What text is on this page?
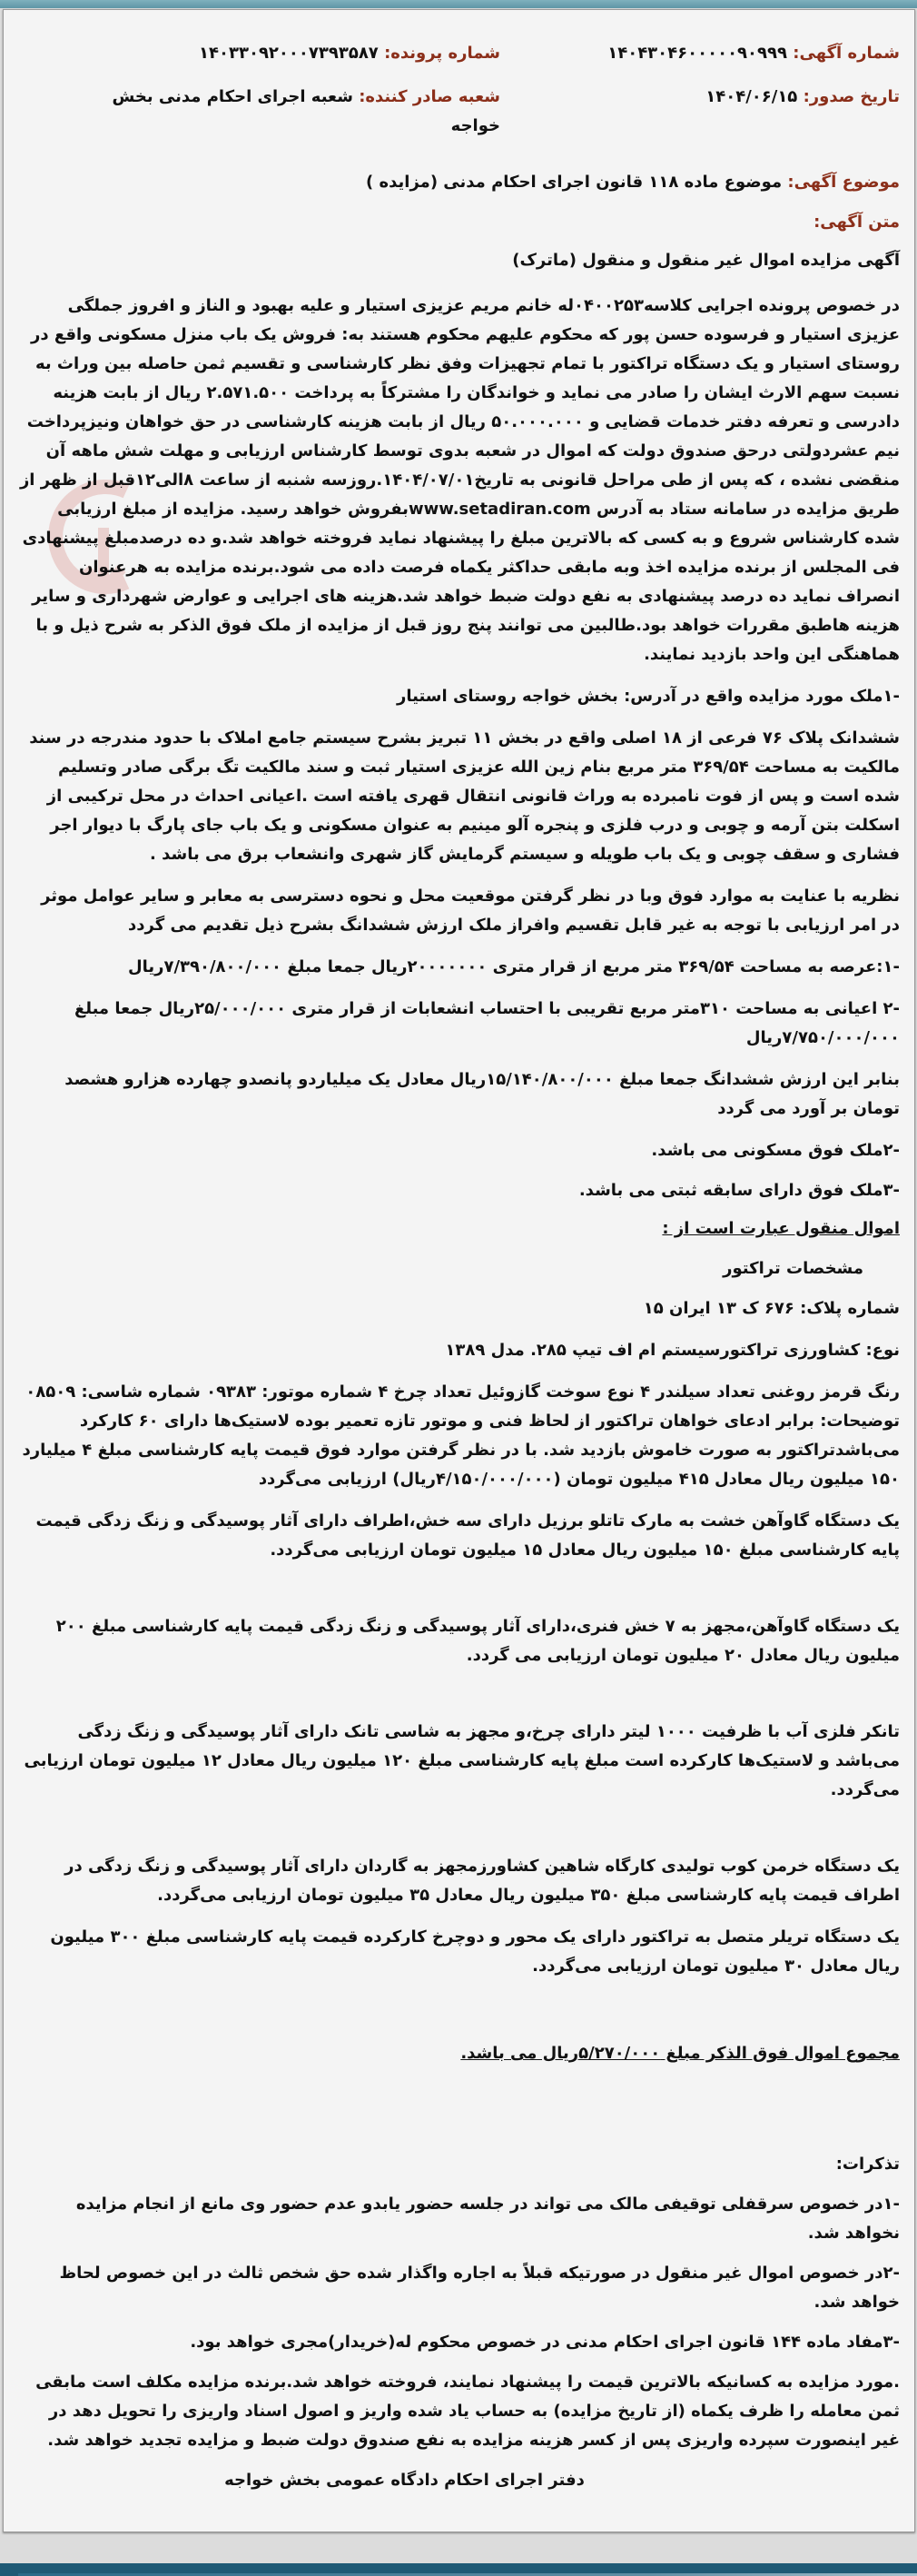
شماره آگهی: ۱۴۰۴۳۰۴۶۰۰۰۰۰۹۰۹۹۹
شماره پرونده: ۱۴۰۳۳۰۹۲۰۰۰۷۳۹۳۵۸۷
تاریخ صدور: ۱۴۰۴/۰۶/۱۵
شعبه صادر کننده: شعبه اجرای احکام مدنی بخش خواجه

موضوع آگهی: موضوع ماده ۱۱۸ قانون اجرای احکام مدنی (مزایده )

متن آگهی:

آگهی مزایده اموال غیر منقول و منقول (ماترک)

در خصوص پرونده اجرایی کلاسه۰۴۰۰۲۵۳له خانم مریم عزیزی استیار و علیه بهبود و الناز و افروز جملگی عزیزی استیار و فرسوده حسن پور که محکوم علیهم محکوم هستند به: فروش یک باب منزل مسکونی واقع در روستای استیار و یک دستگاه تراکتور با تمام تجهیزات وفق نظر کارشناسی و تقسیم ثمن حاصله بین وراث به نسبت سهم الارث ایشان را صادر می نماید و خواندگان را مشترکاً به پرداخت ۲.۵۷۱.۵۰۰ ریال از بابت هزینه دادرسی و تعرفه دفتر خدمات قضایی و ۵۰.۰۰۰.۰۰۰ ریال از بابت هزینه کارشناسی در حق خواهان ونیزپرداخت نیم عشردولتی درحق صندوق دولت که اموال در شعبه بدوی توسط کارشناس ارزیابی و مهلت شش ماهه آن منقضی نشده ، که پس از طی مراحل قانونی به تاریخ۱۴۰۴/۰۷/۰۱.روزسه شنبه از ساعت ۸الی۱۲قبل از ظهر از طریق مزایده در سامانه ستاد به آدرس www.setadiran.comبفروش خواهد رسید. مزایده از مبلغ ارزیابی شده کارشناس شروع و به کسی که بالاترین مبلغ را پیشنهاد نماید فروخته خواهد شد.و ده درصدمبلغ پیشنهادی فی المجلس از برنده مزایده اخذ وبه مابقی حداکثر یکماه فرصت داده می شود.برنده مزایده به هرعنوان انصراف نماید ده درصد پیشنهادی به نفع دولت ضبط خواهد شد.هزینه های اجرایی و عوارض شهرداری و سایر هزینه هاطبق مقررات خواهد بود.طالبین می توانند پنج روز قبل از مزایده از ملک فوق الذکر به شرح ذیل و با هماهنگی این واحد بازدید نمایند.

-۱ملک مورد مزایده واقع در آدرس: بخش خواجه روستای استیار

ششدانک پلاک ۷۶ فرعی از ۱۸ اصلی واقع در بخش ۱۱ تبریز بشرح سیستم جامع املاک با حدود مندرجه در سند مالکیت به مساحت ۳۶۹/۵۴ متر مربع بنام زین الله عزیزی استیار ثبت و سند مالکیت تگ برگی صادر وتسلیم شده است و پس از فوت نامبرده به وراث قانونی انتقال قهری یافته است .اعیانی احداث در محل ترکیبی از اسکلت بتن آرمه و چوبی و درب فلزی و پنجره آلو مینیم به عنوان مسکونی و یک باب جای پارگ با دیوار اجر فشاری و سقف چوبی و یک باب طویله و سیستم گرمایش گاز شهری وانشعاب برق می باشد .

نظریه با عنایت به موارد فوق وبا در نظر گرفتن موقعیت محل و نحوه دسترسی به معابر و سایر عوامل موثر در امر ارزیابی با توجه به غیر قابل تقسیم وافراز ملک ارزش ششدانگ بشرح ذیل تقدیم می گردد

-۱:عرصه به مساحت ۳۶۹/۵۴ متر مربع از قرار متری ۲۰۰۰۰۰۰۰ریال جمعا مبلغ ۷/۳۹۰/۸۰۰/۰۰۰ریال

-۲ اعیانی به مساحت ۳۱۰متر مربع تقریبی با احتساب انشعابات از قرار متری ۲۵/۰۰۰/۰۰۰ریال جمعا مبلغ ۷/۷۵۰/۰۰۰/۰۰۰ریال

بنابر این ارزش ششدانگ جمعا مبلغ ۱۵/۱۴۰/۸۰۰/۰۰۰ریال معادل یک میلیاردو پانصدو چهارده هزارو هشصد تومان بر آورد می گردد

-۲ملک فوق مسکونی می باشد.

-۳ملک فوق دارای سابقه ثبتی می باشد.

اموال منقول عبارت است از :

مشخصات تراکتور

شماره پلاک: ۶۷۶ ک ۱۳ ایران ۱۵

نوع: کشاورزی تراکتورسیستم ام اف تیپ ۲۸۵. مدل ۱۳۸۹

رنگ قرمز روغنی تعداد سیلندر ۴ نوع سوخت گازوئیل تعداد چرخ ۴ شماره موتور: ۰۹۳۸۳ شماره شاسی: ۰۸۵۰۹ توضیحات: برابر ادعای خواهان تراکتور از لحاظ فنی و موتور تازه تعمیر بوده لاستیک‌ها دارای ۶۰ کارکرد می‌باشدتراکتور به صورت خاموش بازدید شد. با در نظر گرفتن موارد فوق قیمت پایه کارشناسی مبلغ ۴ میلیارد ۱۵۰ میلیون ریال معادل ۴۱۵ میلیون تومان (۴/۱۵۰/۰۰۰/۰۰۰ریال) ارزیابی می‌گردد

یک دستگاه گاوآهن خشت به مارک تاتلو برزیل دارای سه خش،اطراف دارای آثار پوسیدگی و زنگ زدگی قیمت پایه کارشناسی مبلغ ۱۵۰ میلیون ریال معادل ۱۵ میلیون تومان ارزیابی می‌گردد.

یک دستگاه گاوآهن،مجهز به ۷ خش فنری،دارای آثار پوسیدگی و زنگ زدگی قیمت پایه کارشناسی مبلغ ۲۰۰ میلیون ریال معادل ۲۰ میلیون تومان ارزیابی می گردد.

تانکر فلزی آب با ظرفیت ۱۰۰۰ لیتر دارای چرخ،و مجهز به شاسی تانک دارای آثار پوسیدگی و زنگ زدگی می‌باشد و لاستیک‌ها کارکرده است مبلغ پایه کارشناسی مبلغ ۱۲۰ میلیون ریال معادل ۱۲ میلیون تومان ارزیابی می‌گردد.

یک دستگاه خرمن کوب تولیدی کارگاه شاهین کشاورزمجهز به گاردان دارای آثار پوسیدگی و زنگ زدگی در اطراف قیمت پایه کارشناسی مبلغ ۳۵۰ میلیون ریال معادل ۳۵ میلیون تومان ارزیابی می‌گردد.

یک دستگاه تریلر متصل به تراکتور دارای یک محور و دوچرخ کارکرده قیمت پایه کارشناسی مبلغ ۳۰۰ میلیون ریال معادل ۳۰ میلیون تومان ارزیابی می‌گردد.

مجموع اموال فوق الذکر مبلغ ۵/۲۷۰/۰۰۰ریال می باشد.

تذکرات:

-۱در خصوص سرقفلی توقیفی مالک می تواند در جلسه حضور یابدو عدم حضور وی مانع از انجام مزایده نخواهد شد.

-۲در خصوص اموال غیر منقول در صورتیکه قبلاً به اجاره واگذار شده حق شخص ثالث در این خصوص لحاظ خواهد شد.

-۳مفاد ماده ۱۴۴ قانون اجرای احکام مدنی در خصوص محکوم له(خریدار)مجری خواهد بود.

.مورد مزایده به کسانیکه بالاترین قیمت را پیشنهاد نمایند، فروخته خواهد شد.برنده مزایده مکلف است مابقی ثمن معامله را ظرف یکماه (از تاریخ مزایده) به حساب یاد شده واریز و اصول اسناد واریزی را تحویل دهد در غیر اینصورت سپرده واریزی پس از کسر هزینه مزایده به نفع صندوق دولت ضبط و مزایده تجدید خواهد شد.

دفتر اجرای احکام دادگاه عمومی بخش خواجه
